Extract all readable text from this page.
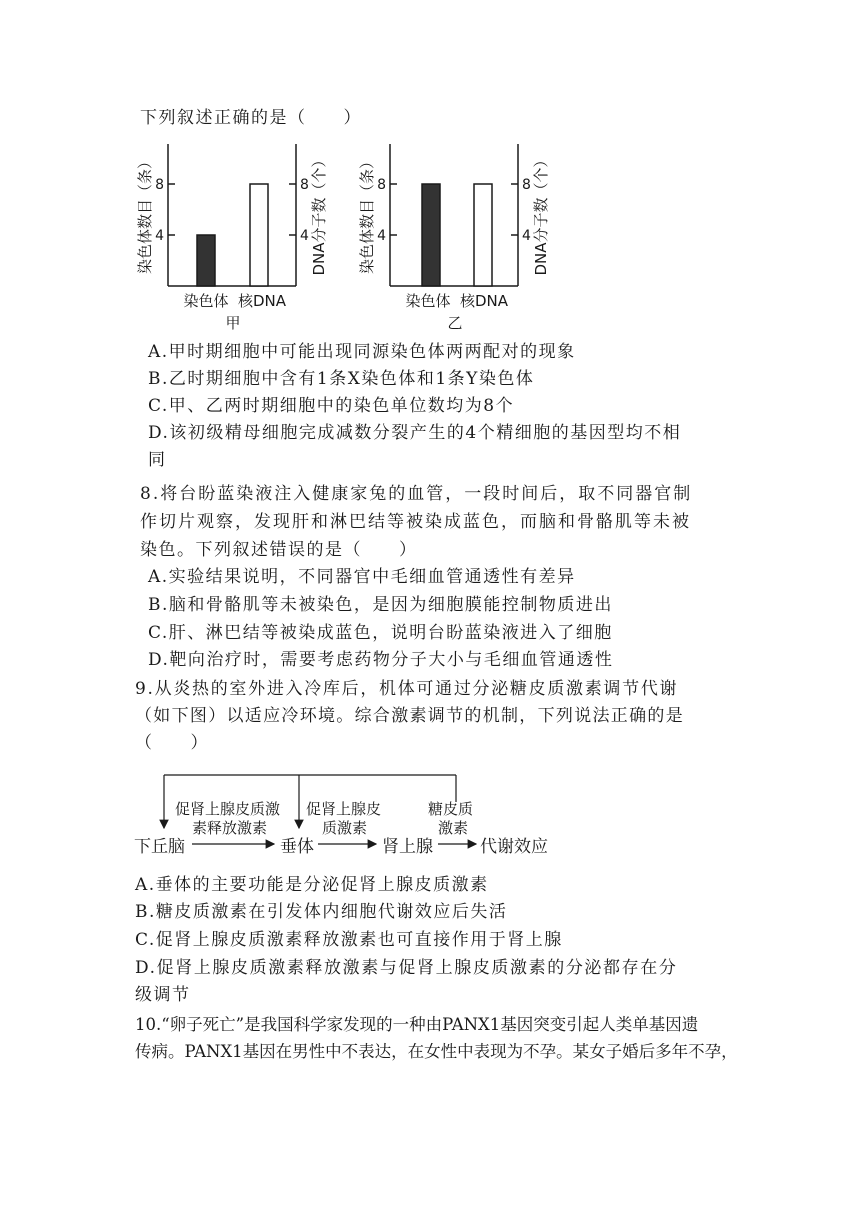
下列叙述正确的是（　　）
染色体数目（条） 8
4
8
4 DNA分子数（个）
染色体 核DNA
甲
染色体数目（条） 8
4
8
4 DNA分子数（个）
染色体 核DNA
乙
A.甲时期细胞中可能出现同源染色体两两配对的现象
B.乙时期细胞中含有1条X染色体和1条Y染色体
C.甲、乙两时期细胞中的染色单位数均为8个
D.该初级精母细胞完成减数分裂产生的4个精细胞的基因型均不相
同
8.将台盼蓝染液注入健康家兔的血管，一段时间后，取不同器官制
作切片观察，发现肝和淋巴结等被染成蓝色，而脑和骨骼肌等未被
染色。下列叙述错误的是（　　）
A.实验结果说明，不同器官中毛细血管通透性有差异
B.脑和骨骼肌等未被染色，是因为细胞膜能控制物质进出
C.肝、淋巴结等被染成蓝色，说明台盼蓝染液进入了细胞
D.靶向治疗时，需要考虑药物分子大小与毛细血管通透性
9.从炎热的室外进入冷库后，机体可通过分泌糖皮质激素调节代谢
（如下图）以适应冷环境。综合激素调节的机制，下列说法正确的是
（　　）
促肾上腺皮质激
素释放激素
促肾上腺皮
质激素
糖皮质
激素
下丘脑	垂体	肾上腺	代谢效应
A.垂体的主要功能是分泌促肾上腺皮质激素
B.糖皮质激素在引发体内细胞代谢效应后失活
C.促肾上腺皮质激素释放激素也可直接作用于肾上腺
D.促肾上腺皮质激素释放激素与促肾上腺皮质激素的分泌都存在分
级调节
10.“卵子死亡”是我国科学家发现的一种由PANX1基因突变引起人类单基因遗
传病。PANX1基因在男性中不表达，在女性中表现为不孕。某女子婚后多年不孕，
